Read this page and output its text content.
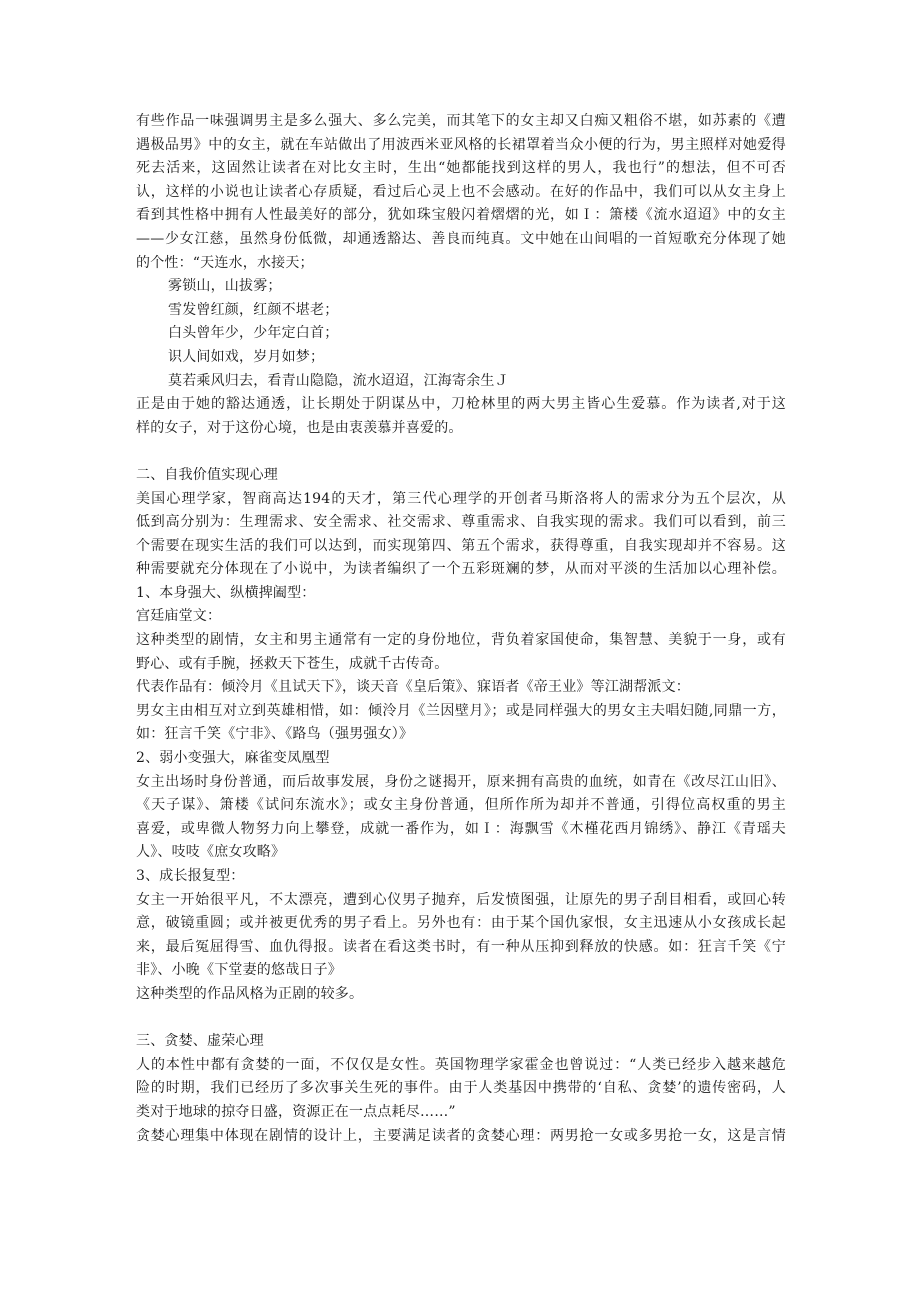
有些作品一味强调男主是多么强大、多么完美，而其笔下的女主却又白痴又粗俗不堪，如苏素的《遭
遇极品男》中的女主，就在车站做出了用波西米亚风格的长裙罩着当众小便的行为，男主照样对她爱得
死去活来，这固然让读者在对比女主时，生出“她都能找到这样的男人，我也行”的想法，但不可否
认，这样的小说也让读者心存质疑，看过后心灵上也不会感动。在好的作品中，我们可以从女主身上
看到其性格中拥有人性最美好的部分，犹如珠宝般闪着熠熠的光，如Ｉ：箫楼《流水迢迢》中的女主
——少女江慈，虽然身份低微，却通透豁达、善良而纯真。文中她在山间唱的一首短歌充分体现了她
的个性：“天连水，水接天；
雾锁山，山拔雾；
雪发曾红颜，红颜不堪老；
白头曾年少，少年定白首；
识人间如戏，岁月如梦；
莫若乘风归去，看青山隐隐，流水迢迢，江海寄余生Ｊ
正是由于她的豁达通透，让长期处于阴谋丛中，刀枪林里的两大男主皆心生爱慕。作为读者,对于这
样的女子，对于这份心境，也是由衷羡慕并喜爱的。
二、自我价值实现心理
美国心理学家，智商高达194的天才，第三代心理学的开创者马斯洛将人的需求分为五个层次，从
低到高分别为：生理需求、安全需求、社交需求、尊重需求、自我实现的需求。我们可以看到，前三
个需要在现实生活的我们可以达到，而实现第四、第五个需求，获得尊重，自我实现却并不容易。这
种需要就充分体现在了小说中，为读者编织了一个五彩斑斓的梦，从而对平淡的生活加以心理补偿。
1、本身强大、纵横捭阖型：
宫廷庙堂文：
这种类型的剧情，女主和男主通常有一定的身份地位，背负着家国使命，集智慧、美貌于一身，或有
野心、或有手腕，拯救天下苍生，成就千古传奇。
代表作品有：倾泠月《且试天下》，谈天音《皇后策》、寐语者《帝王业》等江湖帮派文：
男女主由相互对立到英雄相惜，如：倾泠月《兰因壁月》；或是同样强大的男女主夫唱妇随,同鼎一方，
如：狂言千笑《宁非》、《路鸟（强男强女）》
2、弱小变强大，麻雀变凤凰型
女主出场时身份普通，而后故事发展，身份之谜揭开，原来拥有高贵的血统，如青在《改尽江山旧》、
《天子谋》、箫楼《试问东流水》；或女主身份普通，但所作所为却并不普通，引得位高权重的男主
喜爱，或卑微人物努力向上攀登，成就一番作为，如Ｉ：海飘雪《木槿花西月锦绣》、静江《青瑶夫
人》、吱吱《庶女攻略》
3、成长报复型：
女主一开始很平凡，不太漂亮，遭到心仪男子抛弃，后发愤图强，让原先的男子刮目相看，或回心转
意，破镜重圆；或并被更优秀的男子看上。另外也有：由于某个国仇家恨，女主迅速从小女孩成长起
来，最后冤屈得雪、血仇得报。读者在看这类书时，有一种从压抑到释放的快感。如：狂言千笑《宁
非》、小晚《下堂妻的悠哉日子》
这种类型的作品风格为正剧的较多。
三、贪婪、虚荣心理
人的本性中都有贪婪的一面，不仅仅是女性。英国物理学家霍金也曾说过：“人类已经步入越来越危
险的时期，我们已经历了多次事关生死的事件。由于人类基因中携带的‘自私、贪婪’的遗传密码，人
类对于地球的掠夺日盛，资源正在一点点耗尽……”
贪婪心理集中体现在剧情的设计上，主要满足读者的贪婪心理：两男抢一女或多男抢一女，这是言情
